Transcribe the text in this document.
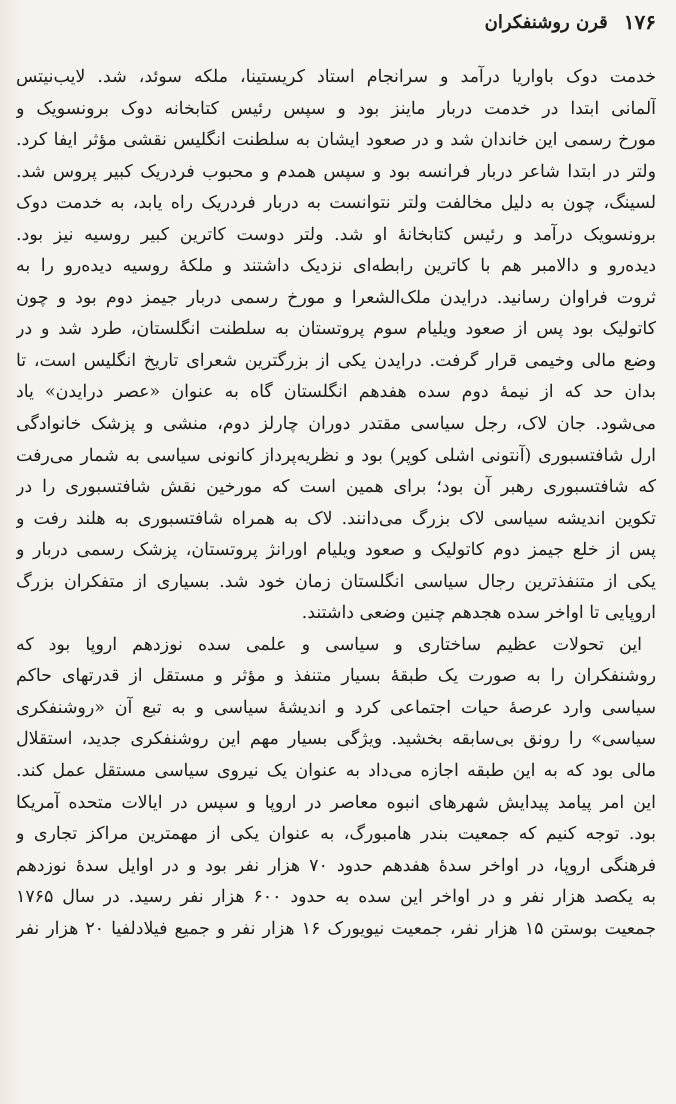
۱۷۶
قرن روشنفکران
خدمت دوک باواریا درآمد و سرانجام استاد کریستینا، ملکه سوئد، شد. لایب‌نیتس
آلمانی ابتدا در خدمت دربار ماینز بود و سپس رئیس کتابخانه دوک برونسویک و
مورخ رسمی این خاندان شد و در صعود ایشان به سلطنت انگلیس نقشی مؤثر ایفا کرد.
ولتر در ابتدا شاعر دربار فرانسه بود و سپس همدم و محبوب فردریک کبیر پروس شد.
لسینگ، چون به دلیل مخالفت ولتر نتوانست به دربار فردریک راه یابد، به خدمت دوک
برونسویک درآمد و رئیس کتابخانهٔ او شد. ولتر دوست کاترین کبیر روسیه نیز بود.
دیده‌رو و دالامبر هم با کاترین رابطه‌ای نزدیک داشتند و ملکهٔ روسیه دیده‌رو را به
ثروت فراوان رسانید. درایدن ملک‌الشعرا و مورخ رسمی دربار جیمز دوم بود و چون
کاتولیک بود پس از صعود ویلیام سوم پروتستان به سلطنت انگلستان، طرد شد و در
وضع مالی وخیمی قرار گرفت. درایدن یکی از بزرگترین شعرای تاریخ انگلیس است، تا
بدان حد که از نیمهٔ دوم سده هفدهم انگلستان گاه به عنوان «عصر درایدن» یاد
می‌شود. جان لاک، رجل سیاسی مقتدر دوران چارلز دوم، منشی و پزشک خانوادگی
ارل شافتسبوری (آنتونی اشلی کوپر) بود و نظریه‌پرداز کانونی سیاسی به شمار می‌رفت
که شافتسبوری رهبر آن بود؛ برای همین است که مورخین نقش شافتسبوری را در
تکوین اندیشه سیاسی لاک بزرگ می‌دانند. لاک به همراه شافتسبوری به هلند رفت و
پس از خلع جیمز دوم کاتولیک و صعود ویلیام اورانژ پروتستان، پزشک رسمی دربار و
یکی از متنفذترین رجال سیاسی انگلستان زمان خود شد. بسیاری از متفکران بزرگ
اروپایی تا اواخر سده هجدهم چنین وضعی داشتند.
این تحولات عظیم ساختاری و سیاسی و علمی سده نوزدهم اروپا بود که
روشنفکران را به صورت یک طبقهٔ بسیار متنفذ و مؤثر و مستقل از قدرتهای حاکم
سیاسی وارد عرصهٔ حیات اجتماعی کرد و اندیشهٔ سیاسی و به تبع آن «روشنفکری
سیاسی» را رونق بی‌سابقه بخشید. ویژگی بسیار مهم این روشنفکری جدید، استقلال
مالی بود که به این طبقه اجازه می‌داد به عنوان یک نیروی سیاسی مستقل عمل کند.
این امر پیامد پیدایش شهرهای انبوه معاصر در اروپا و سپس در ایالات متحده آمریکا
بود. توجه کنیم که جمعیت بندر هامبورگ، به عنوان یکی از مهمترین مراکز تجاری و
فرهنگی اروپا، در اواخر سدهٔ هفدهم حدود ۷۰ هزار نفر بود و در اوایل سدهٔ نوزدهم
به یکصد هزار نفر و در اواخر این سده به حدود ۶۰۰ هزار نفر رسید. در سال ۱۷۶۵
جمعیت بوستن ۱۵ هزار نفر، جمعیت نیویورک ۱۶ هزار نفر و جمیع فیلادلفیا ۲۰ هزار نفر
